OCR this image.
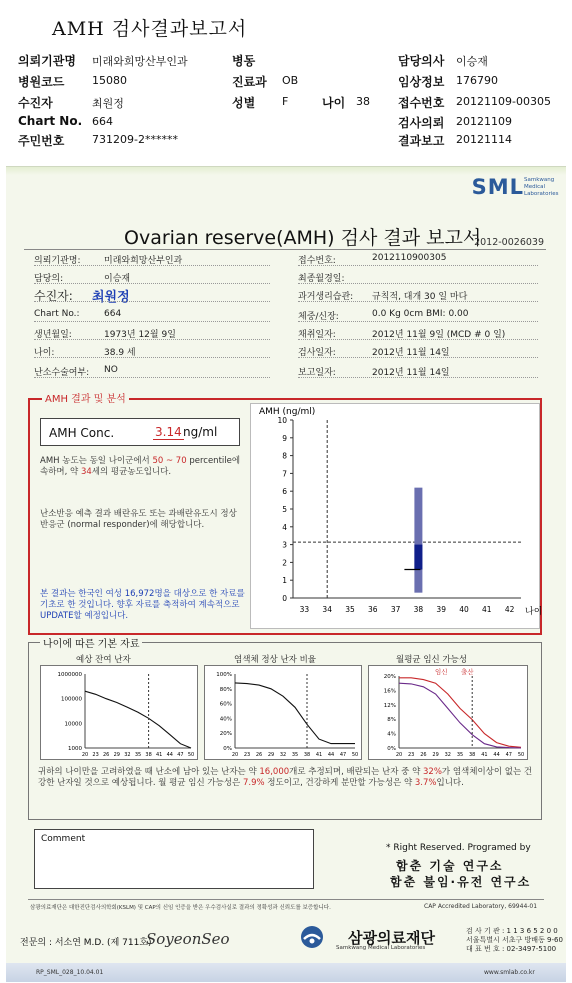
AMH 검사결과보고서
의뢰기관명 미래와희망산부인과	병동	담당의사 이승재
병원코드	15080	진료과 OB	임상정보 176790
수진자	최원정	성별 F	접수번호 20121109-00305
Chart No. 664	검사의뢰 20121109
주민번호	731209-2******	결과보고 20121114
나이 38
SML Samkwang Medical Laboratories
Ovarian reserve(AMH) 검사 결과 보고서
2012-0026039
의뢰기관명:	미래와희망산부인과
담당의:	이승재
수진자: 최원정
Chart No.:	664
생년월일:	1973년 12월 9일
나이:	38.9 세
난소수술여부: NO
접수번호:	2012110900305
최종월경일:
과거생리습관: 규칙적, 대개 30 일 마다
체중/신장:	0.0 Kg 0cm BMI: 0.00
채취일자:	2012년 11월 9일 (MCD # 0 일)
검사일자:	2012년 11월 14일
보고일자:	2012년 11월 14일
AMH 결과 및 분석
AMH Conc.	3.14 ng/ml
AMH 농도는 동일 나이군에서 50 ~ 70 percentile에 속하며, 약 34세의 평균농도입니다.
난소반응 예측 결과 배란유도 또는 과배란유도시 정상반응군 (normal responder)에 해당합니다.
본 결과는 한국인 여성 16,972명을 대상으로 한 자료를 기초로 한 것입니다. 향후 자료를 축적하여 계속적으로 UPDATE할 예정입니다.
AMH (ng/ml)
0
1
2
3
4
5
6
7
8
9
10
33 34 35 36 37 38 39 40 41 42 나이
나이에 따른 기본 자료
예상 잔여 난자	염색체 정상 난자 비율	월평균 임신 가능성
1000
10000
100000
1000000
20 23 26 29 32 35 38 41 44 47 50
0%
20%
40%
60%
80%
100%
20 23 26 29 32 35 38 41 44 47 50
0%
4%
8%
12%
16%
20%
20 23 26 29 32 35 38 41 44 47 50
임신 출산
귀하의 나이만을 고려하였을 때 난소에 남아 있는 난자는 약 16,000개로 추정되며, 배란되는 난자 중 약 32%가 염색체이상이 없는 건강한 난자일 것으로 예상됩니다. 월 평균 임신 가능성은 7.9% 정도이고, 건강하게 분만할 가능성은 약 3.7%입니다.
Comment
* Right Reserved. Programed by
함춘 기술 연구소
함춘 불임·유전 연구소
삼광의료재단은 대한진단검사의학회(KSLM) 및 CAP의 신임 인증을 받은 우수검사실로 결과의 정확성과 신뢰도를 보증합니다.	CAP Accredited Laboratory, 69944-01
전문의 : 서소연 M.D. (제 711호)
SoyeonSeo	삼광의료재단
Samkwang Medical Laboratories
검 사 기 관 : 1 1 3 6 5 2 0 0
서울특별시 서초구 방배동 9-60
대 표 번 호 : 02-3497-5100
RP_SML_028_10.04.01	www.smlab.co.kr
